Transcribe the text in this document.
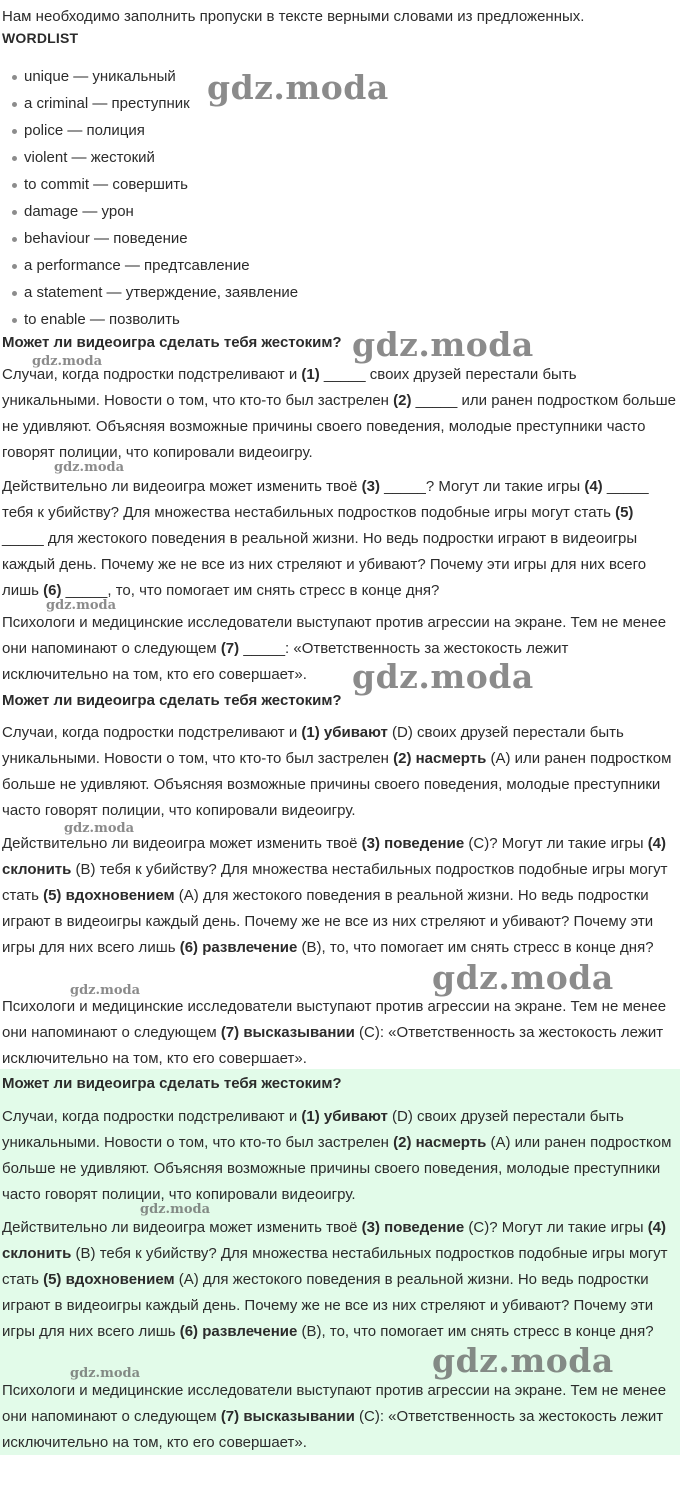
Нам необходимо заполнить пропуски в тексте верными словами из предложенных.
WORDLIST
unique — уникальный
a criminal — преступник
police — полиция
violent — жестокий
to commit — совершить
damage — урон
behaviour — поведение
a performance — предтсавление
a statement — утверждение, заявление
to enable — позволить
Может ли видеоигра сделать тебя жестоким?

Случаи, когда подростки подстреливают и (1) _____ своих друзей перестали быть уникальными. Новости о том, что кто-то был застрелен (2) _____ или ранен подростком больше не удивляют. Объясняя возможные причины своего поведения, молодые преступники часто говорят полиции, что копировали видеоигру.

Действительно ли видеоигра может изменить твоё (3) _____? Могут ли такие игры (4) _____ тебя к убийству? Для множества нестабильных подростков подобные игры могут стать (5) _____ для жестокого поведения в реальной жизни. Но ведь подростки играют в видеоигры каждый день. Почему же не все из них стреляют и убивают? Почему эти игры для них всего лишь (6) _____, то, что помогает им снять стресс в конце дня?

Психологи и медицинские исследователи выступают против агрессии на экране. Тем не менее они напоминают о следующем (7) _____: «Ответственность за жестокость лежит исключительно на том, кто его совершает».

Может ли видеоигра сделать тебя жестоким?

Случаи, когда подростки подстреливают и (1) убивают (D) своих друзей перестали быть уникальными. Новости о том, что кто-то был застрелен (2) насмерть (A) или ранен подростком больше не удивляют. Объясняя возможные причины своего поведения, молодые преступники часто говорят полиции, что копировали видеоигру.

Действительно ли видеоигра может изменить твоё (3) поведение (C)? Могут ли такие игры (4) склонить (B) тебя к убийству? Для множества нестабильных подростков подобные игры могут стать (5) вдохновением (A) для жестокого поведения в реальной жизни. Но ведь подростки играют в видеоигры каждый день. Почему же не все из них стреляют и убивают? Почему эти игры для них всего лишь (6) развлечение (B), то, что помогает им снять стресс в конце дня?

Психологи и медицинские исследователи выступают против агрессии на экране. Тем не менее они напоминают о следующем (7) высказывании (C): «Ответственность за жестокость лежит исключительно на том, кто его совершает».

Может ли видеоигра сделать тебя жестоким?

Случаи, когда подростки подстреливают и (1) убивают (D) своих друзей перестали быть уникальными. Новости о том, что кто-то был застрелен (2) насмерть (A) или ранен подростком больше не удивляют. Объясняя возможные причины своего поведения, молодые преступники часто говорят полиции, что копировали видеоигру.

Действительно ли видеоигра может изменить твоё (3) поведение (C)? Могут ли такие игры (4) склонить (B) тебя к убийству? Для множества нестабильных подростков подобные игры могут стать (5) вдохновением (A) для жестокого поведения в реальной жизни. Но ведь подростки играют в видеоигры каждый день. Почему же не все из них стреляют и убивают? Почему эти игры для них всего лишь (6) развлечение (B), то, что помогает им снять стресс в конце дня?

Психологи и медицинские исследователи выступают против агрессии на экране. Тем не менее они напоминают о следующем (7) высказывании (C): «Ответственность за жестокость лежит исключительно на том, кто его совершает».

gdz.moda
gdz.moda
gdz.moda
gdz.moda
gdz.moda
gdz.moda
gdz.moda
gdz.moda
gdz.moda
gdz.moda
gdz.moda
gdz.moda
